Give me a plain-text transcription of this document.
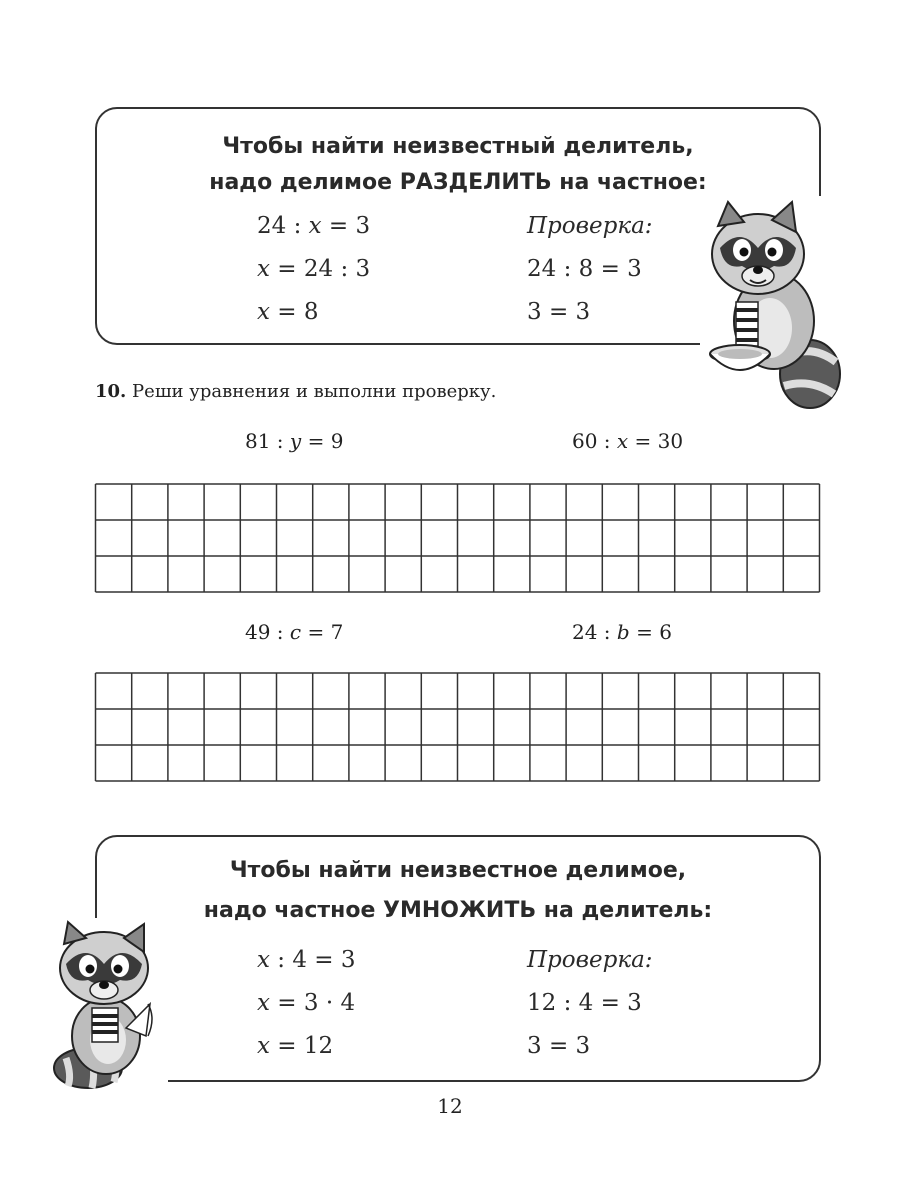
Чтобы найти неизвестный делитель,
надо делимое РАЗДЕЛИТЬ на частное:
24 : x = 3
x = 24 : 3
x = 8
Проверка:
24 : 8 = 3
3 = 3
10. Реши уравнения и выполни проверку.
81 : y = 9	60 : x = 30
49 : c = 7	24 : b = 6
Чтобы найти неизвестное делимое,
надо частное УМНОЖИТЬ на делитель:
x : 4 = 3
x = 3 · 4
x = 12
Проверка:
12 : 4 = 3
3 = 3
12
